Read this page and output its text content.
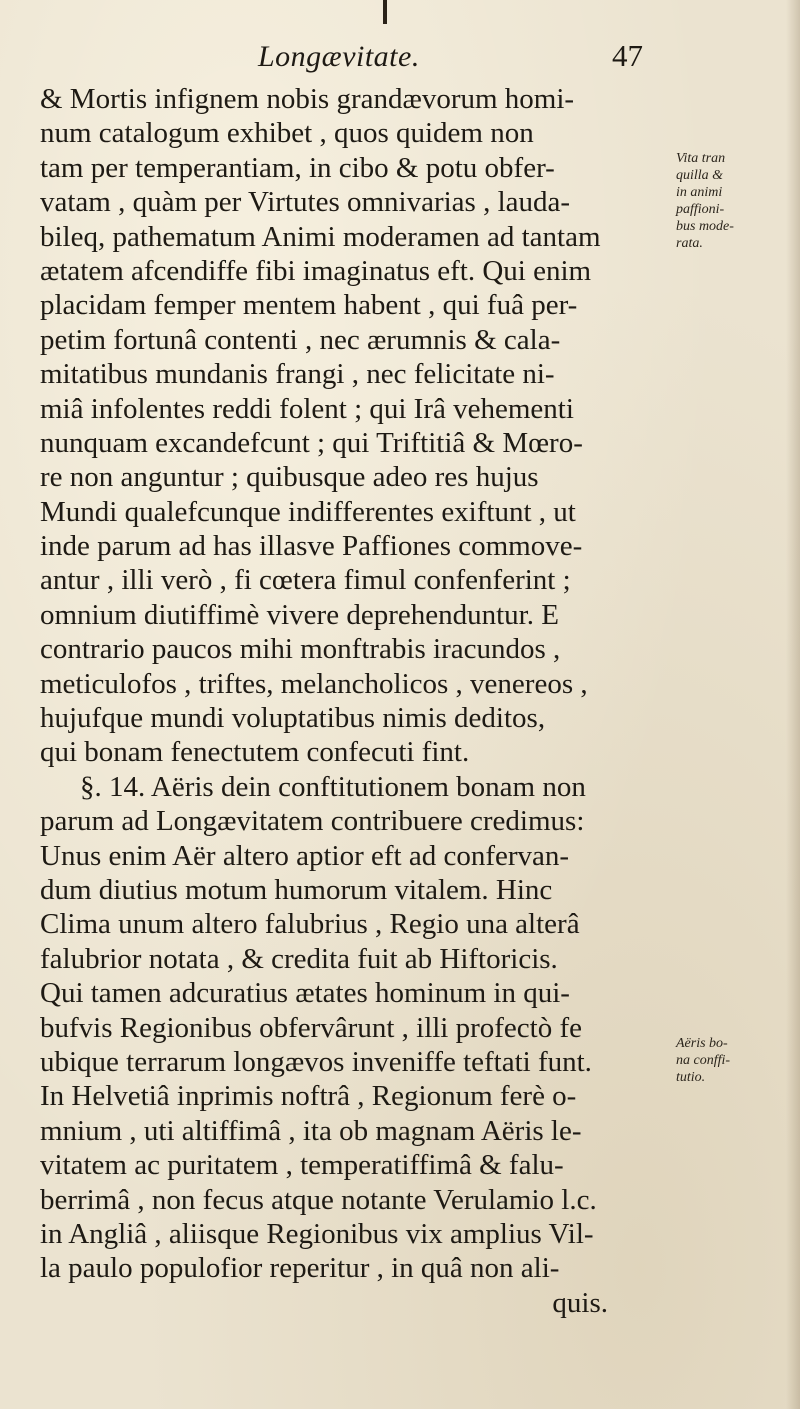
Longævitate.	47
& Mortis infignem nobis grandævorum homi-
num catalogum exhibet , quos quidem non
tam per temperantiam, in cibo & potu obfer-
vatam , quàm per Virtutes omnivarias , lauda-
bileq, pathematum Animi moderamen ad tantam
ætatem afcendiffe fibi imaginatus eft. Qui enim
placidam femper mentem habent , qui fuâ per-
petim fortunâ contenti , nec ærumnis & cala-
mitatibus mundanis frangi , nec felicitate ni-
miâ infolentes reddi folent ; qui Irâ vehementi
nunquam excandefcunt ; qui Triftitiâ & Mœro-
re non anguntur ; quibusque adeo res hujus
Mundi qualefcunque indifferentes exiftunt , ut
inde parum ad has illasve Paffiones commove-
antur , illi verò , fi cœtera fimul confenferint ;
omnium diutiffimè vivere deprehenduntur. E
contrario paucos mihi monftrabis iracundos ,
meticulofos , triftes, melancholicos , venereos ,
hujufque mundi voluptatibus nimis deditos,
qui bonam fenectutem confecuti fint.
§. 14. Aëris dein conftitutionem bonam non
parum ad Longævitatem contribuere credimus:
Unus enim Aër altero aptior eft ad confervan-
dum diutius motum humorum vitalem. Hinc
Clima unum altero falubrius , Regio una alterâ
falubrior notata , & credita fuit ab Hiftoricis.
Qui tamen adcuratius ætates hominum in qui-
bufvis Regionibus obfervârunt , illi profectò fe
ubique terrarum longævos inveniffe teftati funt.
In Helvetiâ inprimis noftrâ , Regionum ferè o-
mnium , uti altiffimâ , ita ob magnam Aëris le-
vitatem ac puritatem , temperatiffimâ & falu-
berrimâ , non fecus atque notante Verulamio l.c.
in Angliâ , aliisque Regionibus vix amplius Vil-
la paulo populofior reperitur , in quâ non ali-
quis.
Vita tran
quilla &
in animi
paffioni-
bus mode-
rata.
Aëris bo-
na conffi-
tutio.
